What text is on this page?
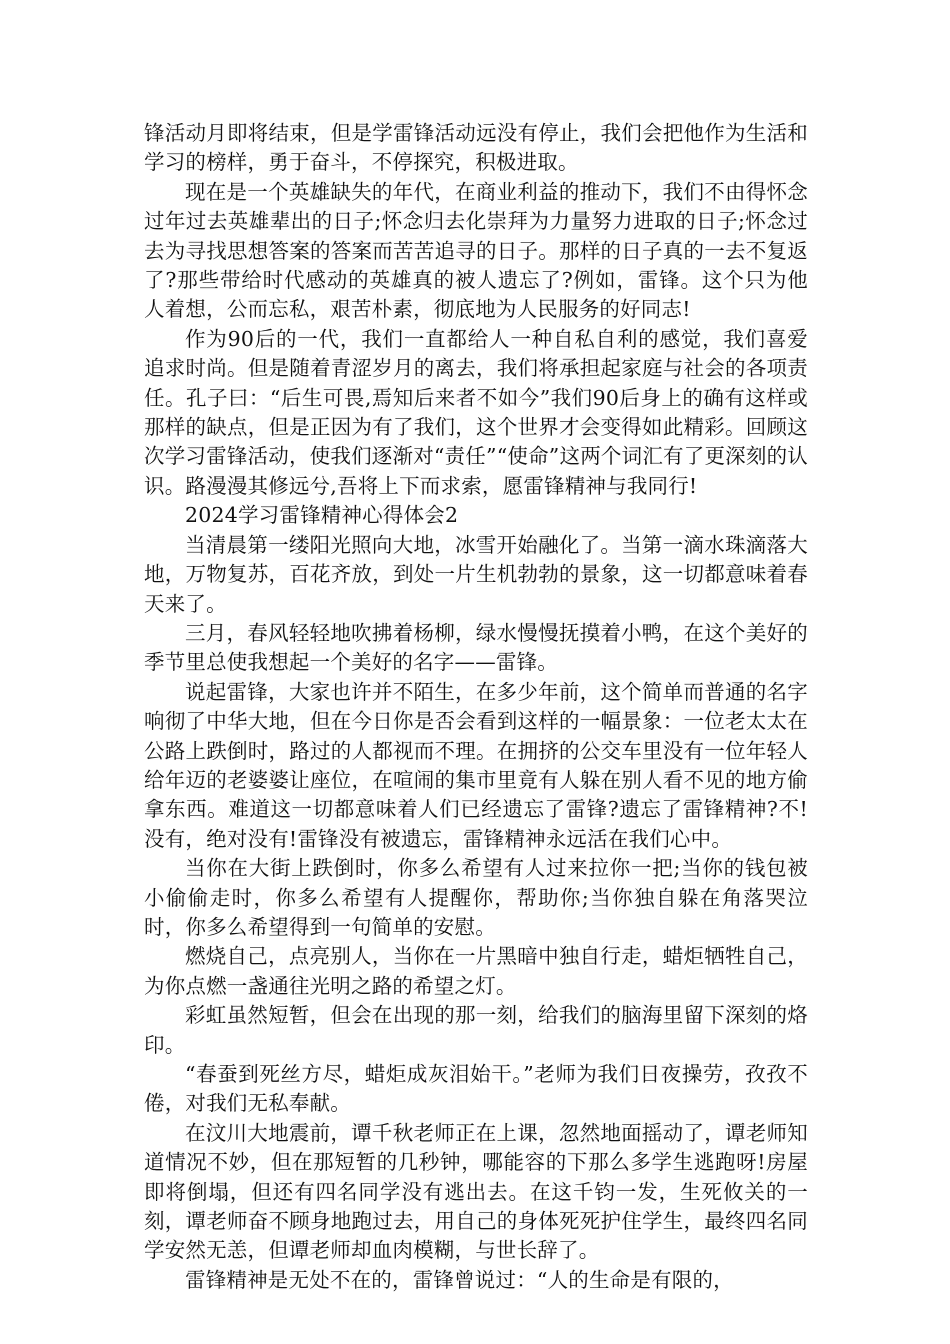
锋活动月即将结束，但是学雷锋活动远没有停止，我们会把他作为生活和学习的榜样，勇于奋斗，不停探究，积极进取。

现在是一个英雄缺失的年代，在商业利益的推动下，我们不由得怀念过年过去英雄辈出的日子;怀念归去化崇拜为力量努力进取的日子;怀念过去为寻找思想答案的答案而苦苦追寻的日子。那样的日子真的一去不复返了?那些带给时代感动的英雄真的被人遗忘了?例如，雷锋。这个只为他人着想，公而忘私，艰苦朴素，彻底地为人民服务的好同志!

作为90后的一代，我们一直都给人一种自私自利的感觉，我们喜爱追求时尚。但是随着青涩岁月的离去，我们将承担起家庭与社会的各项责任。孔子曰：“后生可畏,焉知后来者不如今”我们90后身上的确有这样或那样的缺点，但是正因为有了我们，这个世界才会变得如此精彩。回顾这次学习雷锋活动，使我们逐渐对“责任”“使命”这两个词汇有了更深刻的认识。路漫漫其修远兮,吾将上下而求索，愿雷锋精神与我同行!

2024学习雷锋精神心得体会2

当清晨第一缕阳光照向大地，冰雪开始融化了。当第一滴水珠滴落大地，万物复苏，百花齐放，到处一片生机勃勃的景象，这一切都意味着春天来了。

三月，春风轻轻地吹拂着杨柳，绿水慢慢抚摸着小鸭，在这个美好的季节里总使我想起一个美好的名字——雷锋。

说起雷锋，大家也许并不陌生，在多少年前，这个简单而普通的名字响彻了中华大地，但在今日你是否会看到这样的一幅景象：一位老太太在公路上跌倒时，路过的人都视而不理。在拥挤的公交车里没有一位年轻人给年迈的老婆婆让座位，在喧闹的集市里竟有人躲在别人看不见的地方偷拿东西。难道这一切都意味着人们已经遗忘了雷锋?遗忘了雷锋精神?不!没有，绝对没有!雷锋没有被遗忘，雷锋精神永远活在我们心中。

当你在大街上跌倒时，你多么希望有人过来拉你一把;当你的钱包被小偷偷走时，你多么希望有人提醒你，帮助你;当你独自躲在角落哭泣时，你多么希望得到一句简单的安慰。

燃烧自己，点亮别人，当你在一片黑暗中独自行走，蜡炬牺牲自己，为你点燃一盏通往光明之路的希望之灯。

彩虹虽然短暂，但会在出现的那一刻，给我们的脑海里留下深刻的烙印。

“春蚕到死丝方尽，蜡炬成灰泪始干。”老师为我们日夜操劳，孜孜不倦，对我们无私奉献。

在汶川大地震前，谭千秋老师正在上课，忽然地面摇动了，谭老师知道情况不妙，但在那短暂的几秒钟，哪能容的下那么多学生逃跑呀!房屋即将倒塌，但还有四名同学没有逃出去。在这千钧一发，生死攸关的一刻，谭老师奋不顾身地跑过去，用自己的身体死死护住学生，最终四名同学安然无恙，但谭老师却血肉模糊，与世长辞了。

雷锋精神是无处不在的，雷锋曾说过：“人的生命是有限的，
